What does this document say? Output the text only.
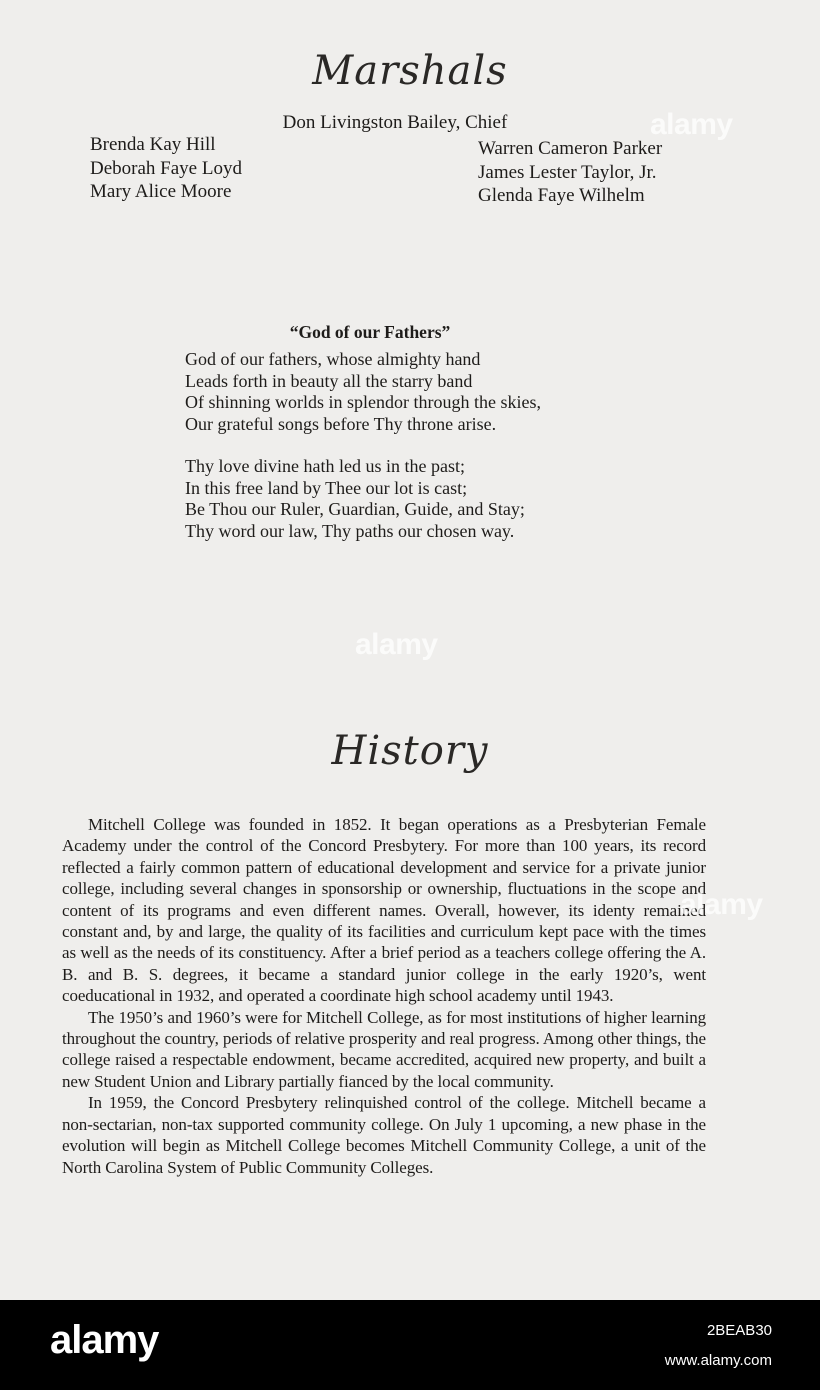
Marshals
Don Livingston Bailey, Chief
Brenda Kay Hill
Deborah Faye Loyd
Mary Alice Moore
Warren Cameron Parker
James Lester Taylor, Jr.
Glenda Faye Wilhelm
“God of our Fathers”
God of our fathers, whose almighty hand
Leads forth in beauty all the starry band
Of shinning worlds in splendor through the skies,
Our grateful songs before Thy throne arise.
Thy love divine hath led us in the past;
In this free land by Thee our lot is cast;
Be Thou our Ruler, Guardian, Guide, and Stay;
Thy word our law, Thy paths our chosen way.
History

Mitchell College was founded in 1852. It began operations as a Presbyterian Female Academy under the control of the Concord Presbytery. For more than 100 years, its record reflected a fairly common pattern of educational development and service for a private junior college, including several changes in sponsorship or ownership, fluctuations in the scope and content of its programs and even different names. Overall, however, its identy remained constant and, by and large, the quality of its facilities and curriculum kept pace with the times as well as the needs of its constituency. After a brief period as a teachers college offering the A. B. and B. S. degrees, it became a standard junior college in the early 1920’s, went coeducational in 1932, and operated a coordinate high school academy until 1943.

The 1950’s and 1960’s were for Mitchell College, as for most institutions of higher learning throughout the country, periods of relative prosperity and real progress. Among other things, the college raised a respectable endowment, became accredited, acquired new property, and built a new Student Union and Library partially fianced by the local community.

In 1959, the Concord Presbytery relinquished control of the college. Mitchell became a non-sectarian, non-tax supported community college. On July 1 upcoming, a new phase in the evolution will begin as Mitchell College becomes Mitchell Community College, a unit of the North Carolina System of Public Community Colleges.

alamy
alamy
alamy
alamy	2BEAB30
www.alamy.com
